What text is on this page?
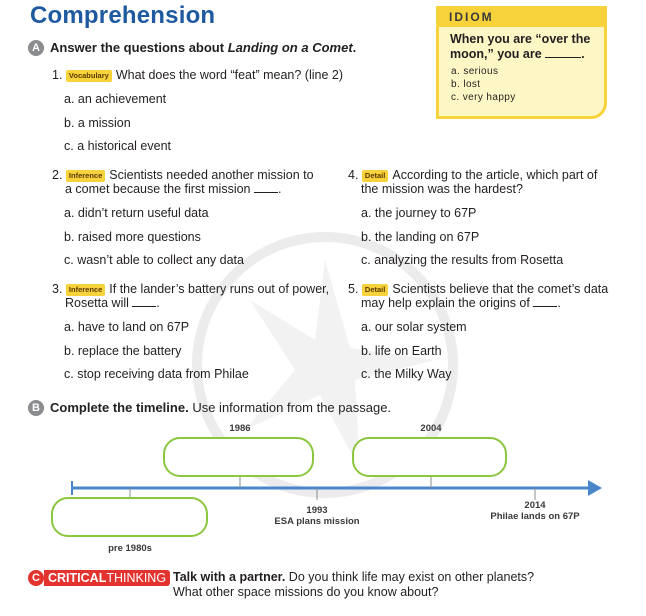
Comprehension	IDIOM
When you are “over the
moon,” you are	.
a. serious
b. lost
c. very happy
A Answer the questions about Landing on a Comet.
1. Vocabulary What does the word “feat” mean? (line 2)
a. an achievement
b. a mission
c. a historical event
2. Inference Scientists needed another mission to
a comet because the first mission .
a. didn’t return useful data
b. raised more questions
c. wasn’t able to collect any data
3. Inference If the lander’s battery runs out of power,
Rosetta will .
a. have to land on 67P
b. replace the battery
c. stop receiving data from Philae
4. Detail According to the article, which part of
the mission was the hardest?
a. the journey to 67P
b. the landing on 67P
c. analyzing the results from Rosetta
5. Detail Scientists believe that the comet’s data
may help explain the origins of .
a. our solar system
b. life on Earth
c. the Milky Way
B Complete the timeline. Use information from the passage.
1986	2004
1993
ESA plans mission
2014
Philae lands on 67P
pre 1980s
C CRITICALTHINKING Talk with a partner. Do you think life may exist on other planets?
What other space missions do you know about?
